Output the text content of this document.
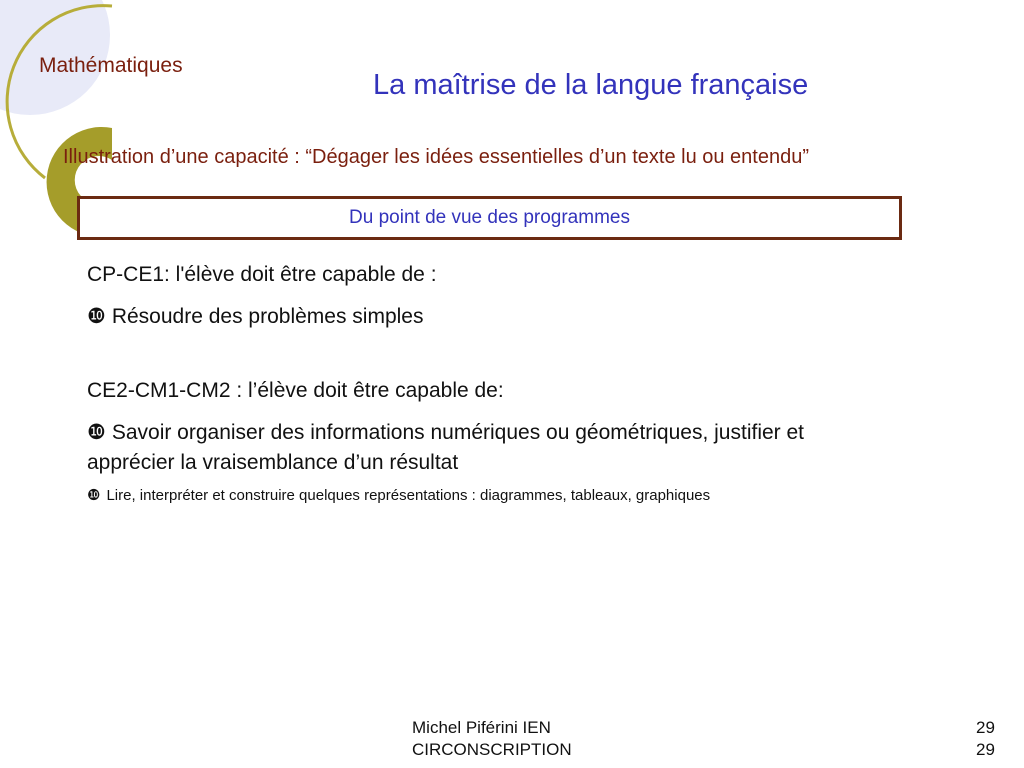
Mathématiques
La maîtrise de la langue française
Illustration d’une capacité : “Dégager les idées essentielles d’un texte lu ou entendu”
Du point de vue des programmes
CP-CE1: l'élève doit être capable de :
❿ Résoudre des problèmes simples
CE2-CM1-CM2 : l’élève doit être capable de:
❿ Savoir organiser des informations numériques ou géométriques, justifier et apprécier la vraisemblance d’un résultat
❿ Lire, interpréter et construire quelques représentations : diagrammes, tableaux, graphiques
Michel Piférini IEN
CIRCONSCRIPTION
29
29
